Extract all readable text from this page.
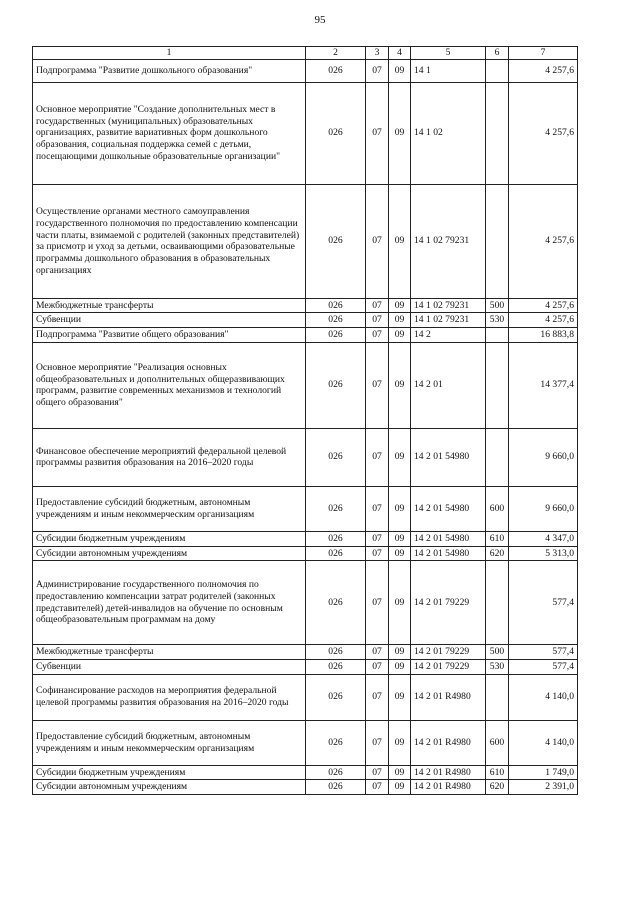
95
1	2	3	4	5	6	7
Подпрограмма "Развитие дошкольного образования"	026	07	09	14 1		4 257,6
Основное мероприятие "Создание дополнительных мест в государственных (муниципальных) образовательных организациях, развитие вариативных форм дошкольного образования, социальная поддержка семей с детьми, посещающими дошкольные образовательные организации"	026	07	09	14 1 02		4 257,6
Осуществление органами местного самоуправления государственного полномочия по предоставлению компенсации части платы, взимаемой с родителей (законных представителей) за присмотр и уход за детьми, осваивающими образовательные программы дошкольного образования в образовательных организациях	026	07	09	14 1 02 79231		4 257,6
Межбюджетные трансферты	026	07	09	14 1 02 79231	500	4 257,6
Субвенции	026	07	09	14 1 02 79231	530	4 257,6
Подпрограмма "Развитие общего образования"	026	07	09	14 2		16 883,8
Основное мероприятие "Реализация основных общеобразовательных и дополнительных общеразвивающих программ, развитие современных механизмов и технологий общего образования"	026	07	09	14 2 01		14 377,4
Финансовое обеспечение мероприятий федеральной целевой программы развития образования на 2016–2020 годы	026	07	09	14 2 01 54980		9 660,0
Предоставление субсидий бюджетным, автономным учреждениям и иным некоммерческим организациям	026	07	09	14 2 01 54980	600	9 660,0
Субсидии бюджетным учреждениям	026	07	09	14 2 01 54980	610	4 347,0
Субсидии автономным учреждениям	026	07	09	14 2 01 54980	620	5 313,0
Администрирование государственного полномочия по предоставлению компенсации затрат родителей (законных представителей) детей-инвалидов на обучение по основным общеобразовательным программам на дому	026	07	09	14 2 01 79229		577,4
Межбюджетные трансферты	026	07	09	14 2 01 79229	500	577,4
Субвенции	026	07	09	14 2 01 79229	530	577,4
Софинансирование расходов на мероприятия федеральной целевой программы развития образования на 2016–2020 годы	026	07	09	14 2 01 R4980		4 140,0
Предоставление субсидий бюджетным, автономным учреждениям и иным некоммерческим организациям	026	07	09	14 2 01 R4980	600	4 140,0
Субсидии бюджетным учреждениям	026	07	09	14 2 01 R4980	610	1 749,0
Субсидии автономным учреждениям	026	07	09	14 2 01 R4980	620	2 391,0
